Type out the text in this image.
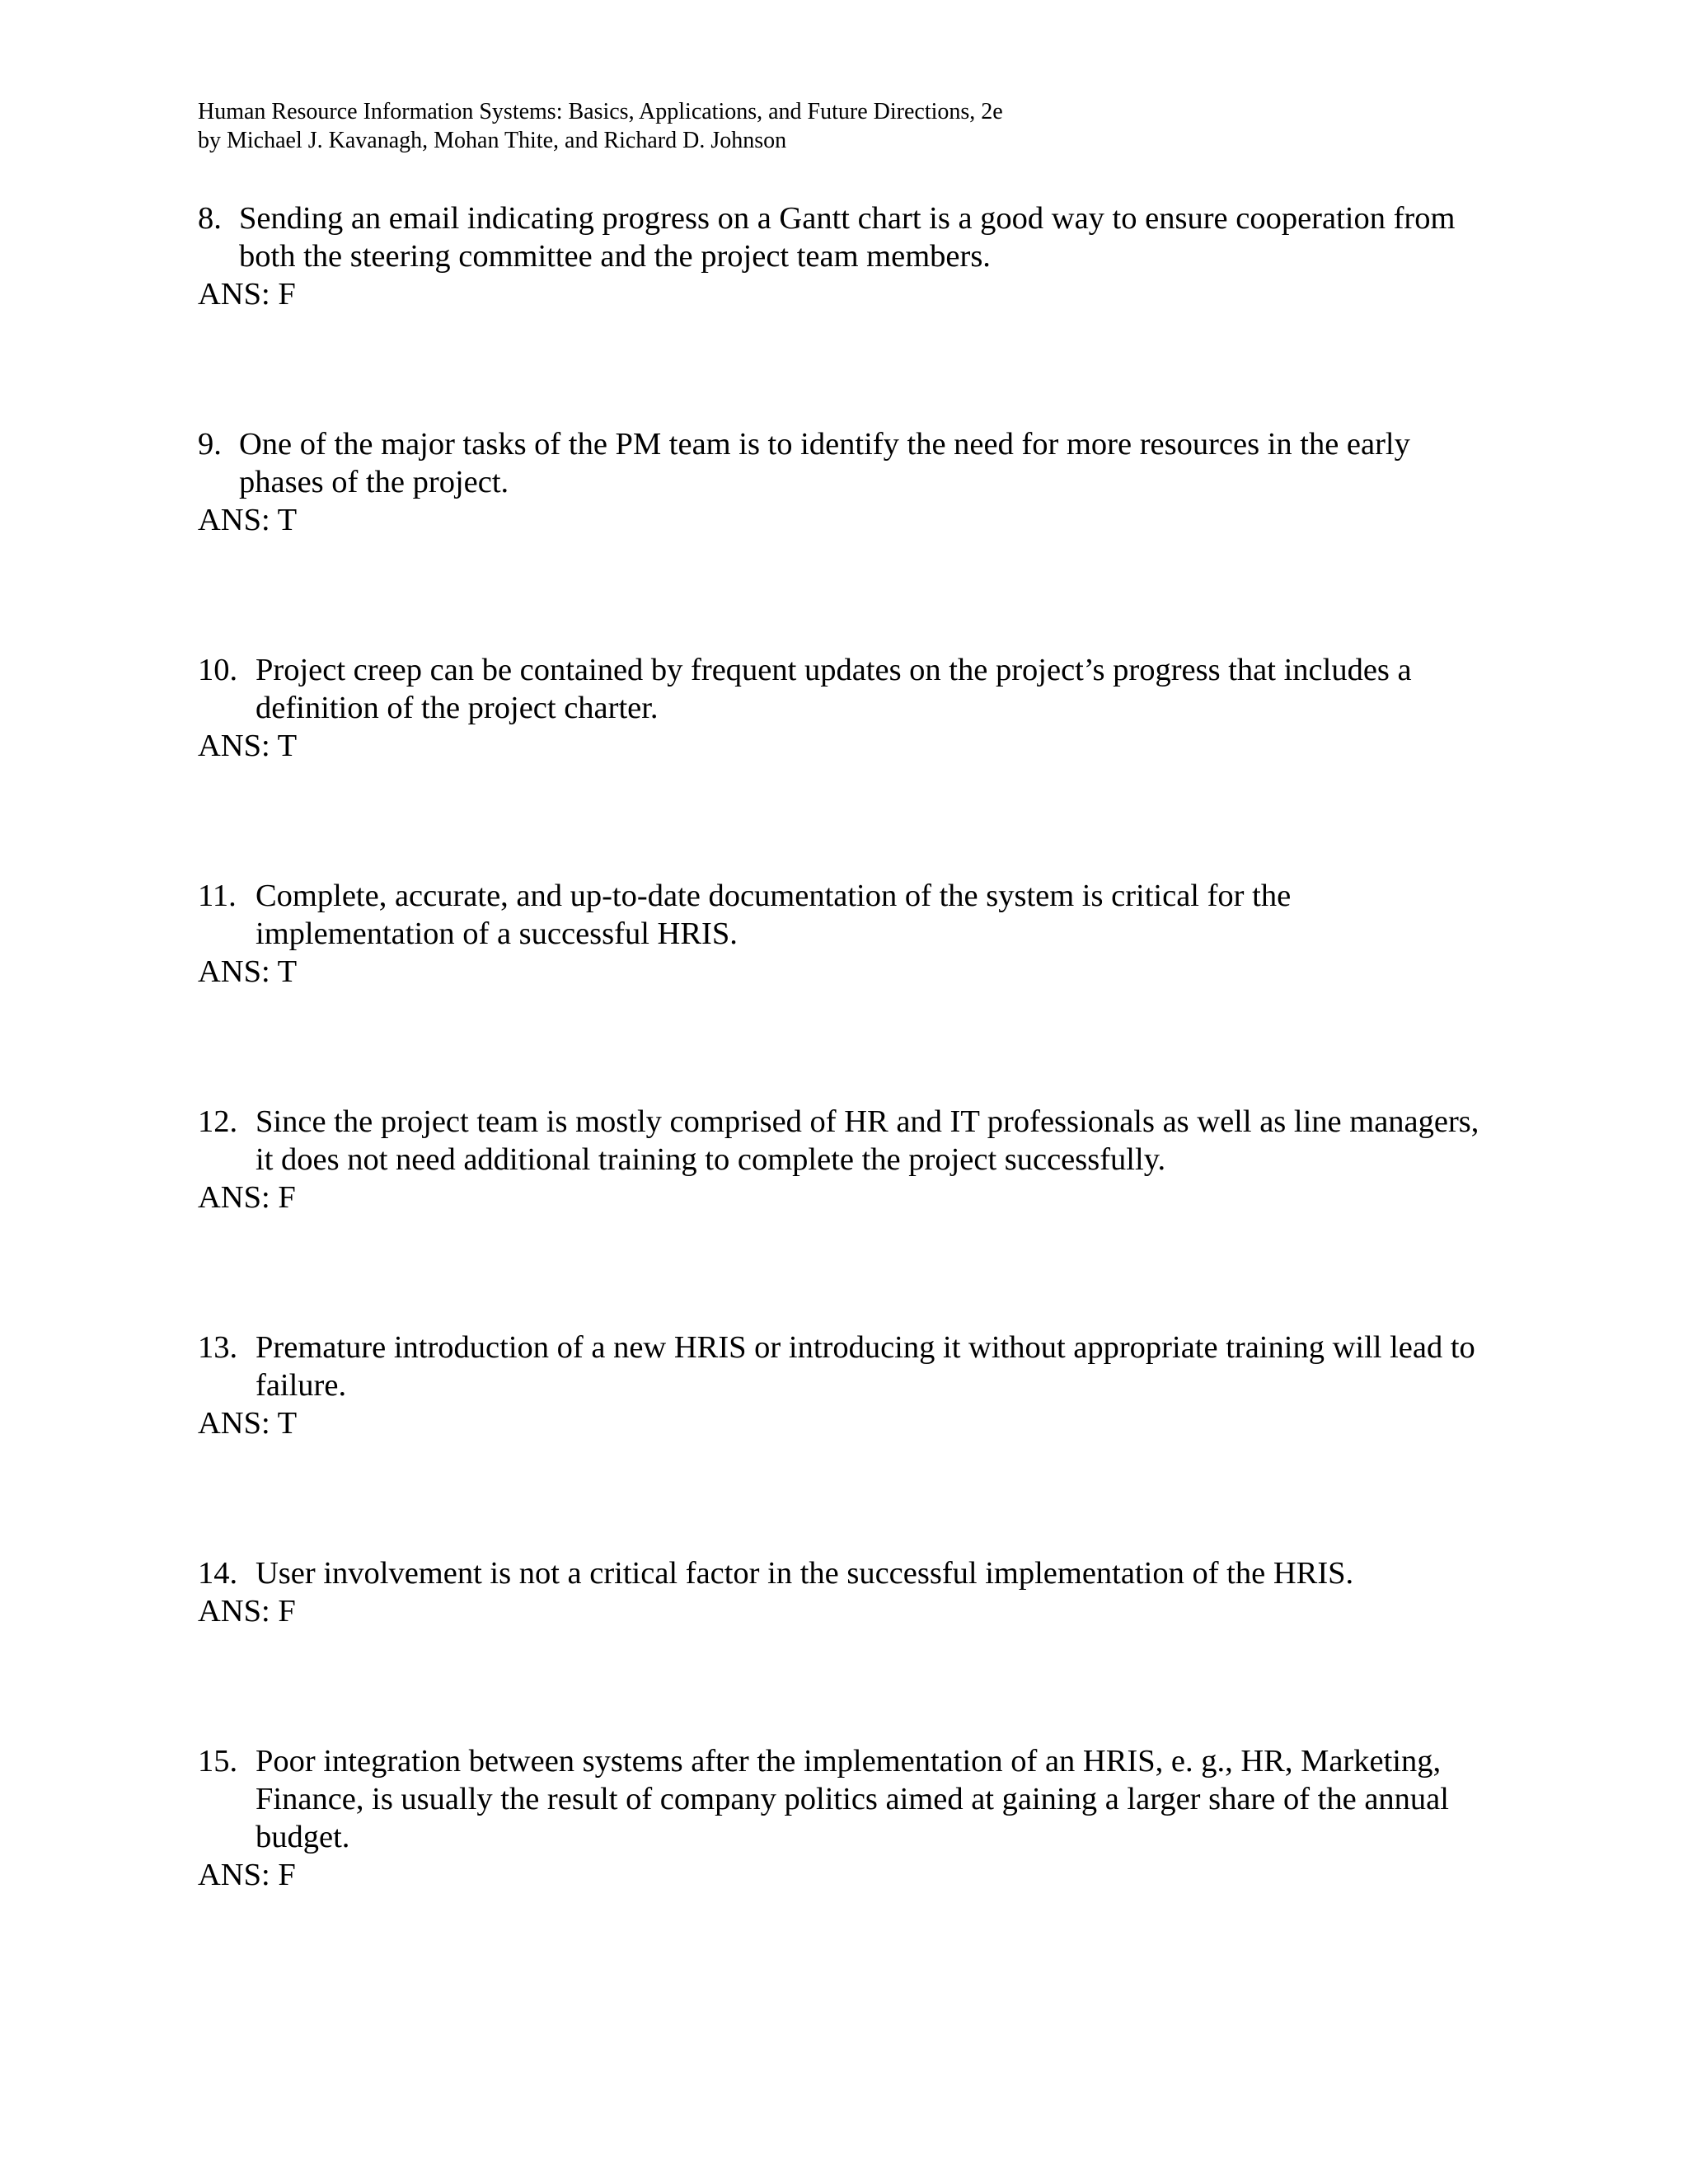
Human Resource Information Systems: Basics, Applications, and Future Directions, 2e
by Michael J. Kavanagh, Mohan Thite, and Richard D. Johnson
8. Sending an email indicating progress on a Gantt chart is a good way to ensure cooperation from both the steering committee and the project team members.
ANS: F
9. One of the major tasks of the PM team is to identify the need for more resources in the early phases of the project.
ANS: T
10. Project creep can be contained by frequent updates on the project’s progress that includes a definition of the project charter.
ANS: T
11. Complete, accurate, and up-to-date documentation of the system is critical for the implementation of a successful HRIS.
ANS: T
12. Since the project team is mostly comprised of HR and IT professionals as well as line managers, it does not need additional training to complete the project successfully.
ANS: F
13. Premature introduction of a new HRIS or introducing it without appropriate training will lead to failure.
ANS: T
14. User involvement is not a critical factor in the successful implementation of the HRIS.
ANS: F
15. Poor integration between systems after the implementation of an HRIS, e. g., HR, Marketing, Finance, is usually the result of company politics aimed at gaining a larger share of the annual budget.
ANS: F
